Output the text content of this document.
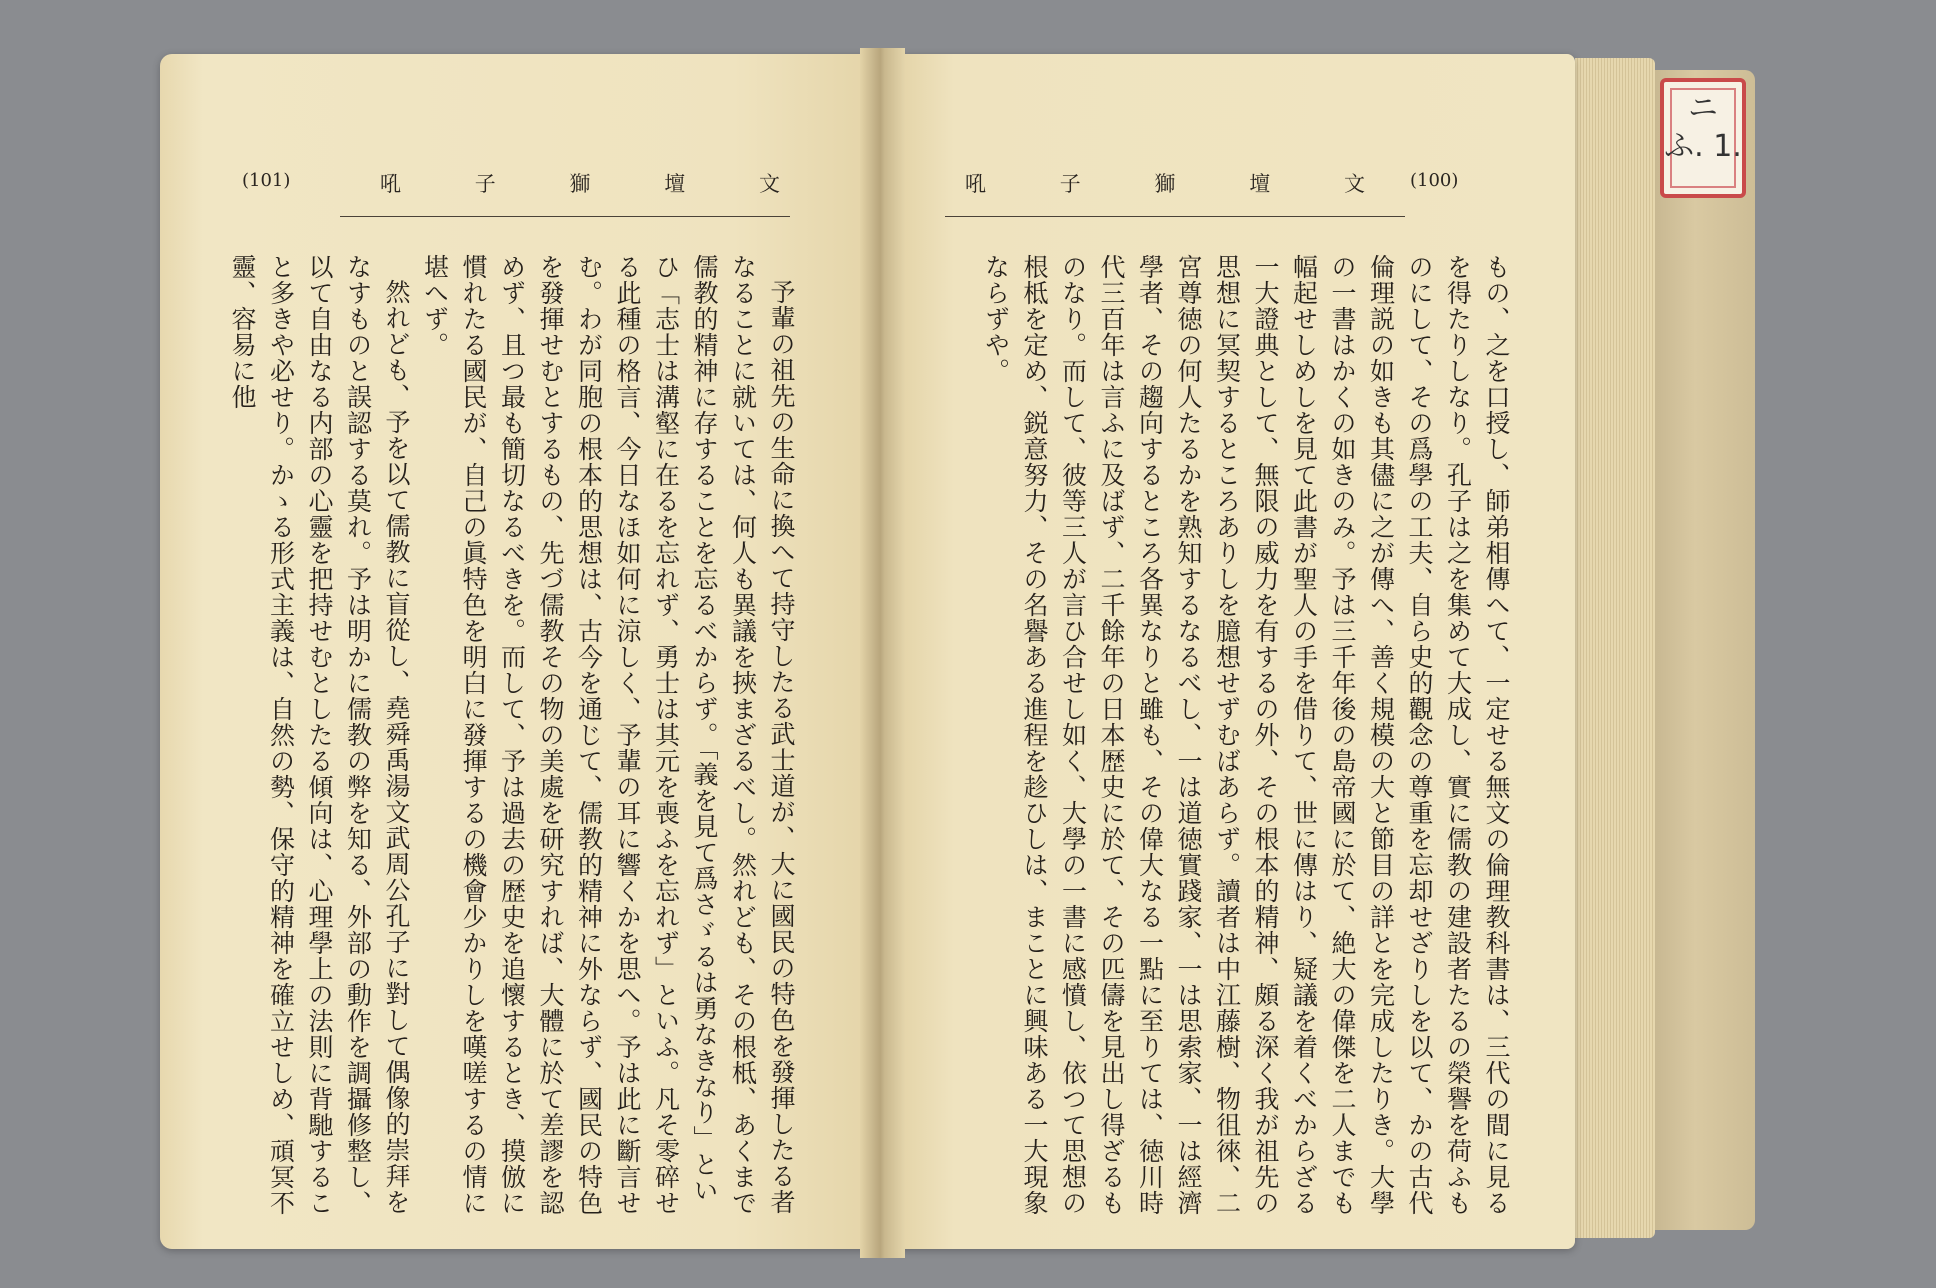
(101)	吼	子	獅	壇	文

予輩の祖先の生命に換へて持守したる武士道が、大に國民の特色を發揮したる者なることに就いては、何人も異議を挾まざるべし。然れども、その根柢、あくまで儒教的精神に存することを忘るべからず。「義を見て爲さゞるは勇なきなり」といひ「志士は溝壑に在るを忘れず、勇士は其元を喪ふを忘れず」といふ。凡そ零碎せる此種の格言、今日なほ如何に涼しく、予輩の耳に響くかを思へ。予は此に斷言せむ。わが同胞の根本的思想は、古今を通じて、儒教的精神に外ならず、國民の特色を發揮せむとするもの、先づ儒教その物の美處を研究すれば、大體に於て差謬を認めず、且つ最も簡切なるべきを。而して、予は過去の歴史を追懷するとき、摸倣に慣れたる國民が、自己の眞特色を明白に發揮するの機會少かりしを嘆嗟するの情に堪へず。

然れども、予を以て儒教に盲從し、堯舜禹湯文武周公孔子に對して偶像的崇拜をなすものと誤認する莫れ。予は明かに儒教の弊を知る、外部の動作を調攝修整し、以て自由なる内部の心靈を把持せむとしたる傾向は、心理學上の法則に背馳すること多きや必せり。かゝる形式主義は、自然の勢、保守的精神を確立せしめ、頑冥不靈、容易に他

吼	子	獅	壇	文	(100)

もの、之を口授し、師弟相傳へて、一定せる無文の倫理教科書は、三代の間に見るを得たりしなり。孔子は之を集めて大成し、實に儒教の建設者たるの榮譽を荷ふものにして、その爲學の工夫、自ら史的觀念の尊重を忘却せざりしを以て、かの古代倫理説の如きも其儘に之が傳へ、善く規模の大と節目の詳とを完成したりき。大學の一書はかくの如きのみ。予は三千年後の島帝國に於て、絶大の偉傑を二人までも幅起せしめしを見て此書が聖人の手を借りて、世に傳はり、疑議を着くべからざる一大證典として、無限の威力を有するの外、その根本的精神、頗る深く我が祖先の思想に冥契するところありしを臆想せずむばあらず。讀者は中江藤樹、物徂徠、二宮尊徳の何人たるかを熟知するなるべし、一は道徳實踐家、一は思索家、一は經濟學者、その趨向するところ各異なりと雖も、その偉大なる一點に至りては、徳川時代三百年は言ふに及ばず、二千餘年の日本歴史に於て、その匹儔を見出し得ざるものなり。而して、彼等三人が言ひ合せし如く、大學の一書に感憤し、依つて思想の根柢を定め、鋭意努力、その名譽ある進程を趁ひしは、まことに興味ある一大現象ならずや。

ニ
ふ. 1.
